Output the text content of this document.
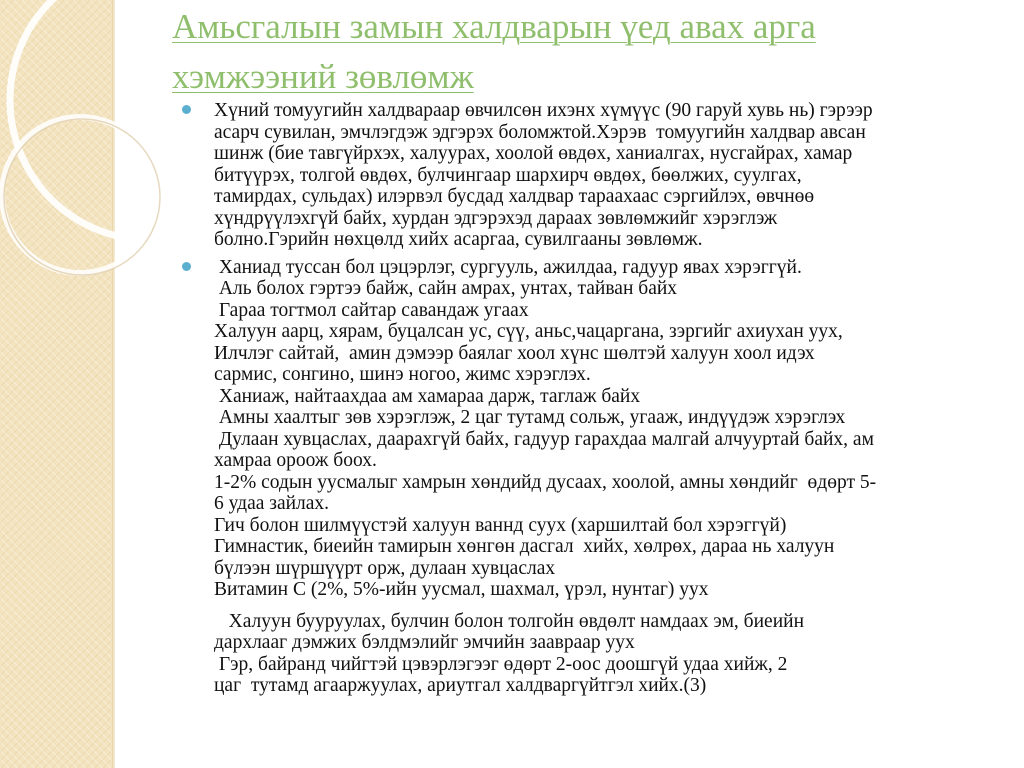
Амьсгалын замын халдварын үед авах арга
хэмжээний зөвлөмж
Хүний томуугийн халдвараар өвчилсөн ихэнх хүмүүс (90 гаруй хувь нь) гэрээр
асарч сувилан, эмчлэгдэж эдгэрэх боломжтой.Хэрэв  томуугийн халдвар авсан
шинж (бие тавгүйрхэх, халуурах, хоолой өвдөх, ханиалгах, нусгайрах, хамар
битүүрэх, толгой өвдөх, булчингаар шархирч өвдөх, бөөлжих, суулгах,
тамирдах, сульдах) илэрвэл бусдад халдвар тараахаас сэргийлэх, өвчнөө
хүндрүүлэхгүй байх, хурдан эдгэрэхэд дараах зөвлөмжийг хэрэглэж
болно.Гэрийн нөхцөлд хийх асаргаа, сувилгааны зөвлөмж.
Ханиад туссан бол цэцэрлэг, сургууль, ажилдаа, гадуур явах хэрэггүй.
Аль болох гэртээ байж, сайн амрах, унтах, тайван байх
Гараа тогтмол сайтар савандаж угаах
Халуун аарц, хярам, буцалсан ус, сүү, аньс,чацаргана, зэргийг ахиухан уух,
Илчлэг сайтай,  амин дэмээр баялаг хоол хүнс шөлтэй халуун хоол идэх
сармис, сонгино, шинэ ногоо, жимс хэрэглэх.
Ханиаж, найтаахдаа ам хамараа дарж, таглаж байх
Амны хаалтыг зөв хэрэглэж, 2 цаг тутамд сольж, угааж, индүүдэж хэрэглэх
Дулаан хувцаслах, даарахгүй байх, гадуур гарахдаа малгай алчууртай байх, ам
хамраа ороож боох.
1-2% содын уусмалыг хамрын хөндийд дусаах, хоолой, амны хөндийг  өдөрт 5-
6 удаа зайлах.
Гич болон шилмүүстэй халуун ваннд суух (харшилтай бол хэрэггүй)
Гимнастик, биеийн тамирын хөнгөн дасгал  хийх, хөлрөх, дараа нь халуун
бүлээн шүршүүрт орж, дулаан хувцаслах
Витамин С (2%, 5%-ийн уусмал, шахмал, үрэл, нунтаг) уух
Халуун бууруулах, булчин болон толгойн өвдөлт намдаах эм, биеийн
дархлааг дэмжих бэлдмэлийг эмчийн заавраар уух
Гэр, байранд чийгтэй цэвэрлэгээг өдөрт 2-оос доошгүй удаа хийж, 2
цаг  тутамд агааржуулах, ариутгал халдваргүйтгэл хийх.(3)
